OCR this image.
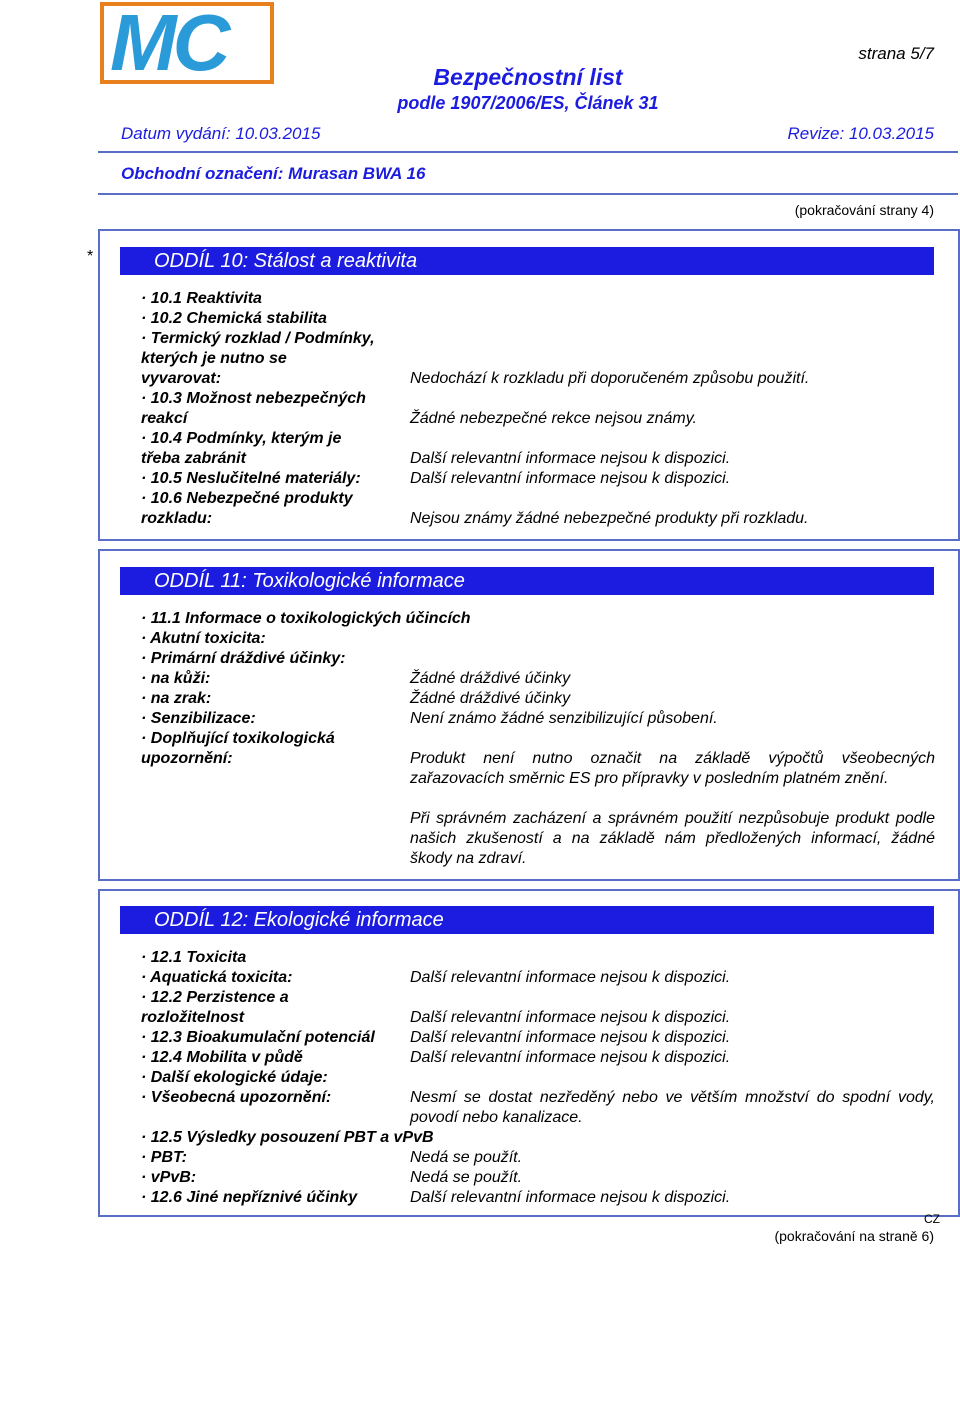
MC	strana 5/7
Bezpečnostní list
podle 1907/2006/ES, Článek 31
Datum vydání: 10.03.2015	Revize: 10.03.2015
Obchodní označení: Murasan BWA 16
(pokračování strany 4)
*	ODDÍL 10: Stálost a reaktivita
· 10.1 Reaktivita
· 10.2 Chemická stabilita
· Termický rozklad / Podmínky,
kterých je nutno se
vyvarovat:	Nedochází k rozkladu při doporučeném způsobu použití.
· 10.3 Možnost nebezpečných
reakcí	Žádné nebezpečné rekce nejsou známy.
· 10.4 Podmínky, kterým je
třeba zabránit	Další relevantní informace nejsou k dispozici.
· 10.5 Neslučitelné materiály:	Další relevantní informace nejsou k dispozici.
· 10.6 Nebezpečné produkty
rozkladu:	Nejsou známy žádné nebezpečné produkty při rozkladu.
ODDÍL 11: Toxikologické informace
· 11.1 Informace o toxikologických účincích
· Akutní toxicita:
· Primární dráždivé účinky:
· na kůži:	Žádné dráždivé účinky
· na zrak:	Žádné dráždivé účinky
· Senzibilizace:	Není známo žádné senzibilizující působení.
· Doplňující toxikologická
upozornění:	Produkt není nutno označit na základě výpočtů všeobecných zařazovacích směrnic ES pro přípravky v posledním platném znění.
Při správném zacházení a správném použití nezpůsobuje produkt podle našich zkušeností a na základě nám předložených informací, žádné škody na zdraví.
ODDÍL 12: Ekologické informace
· 12.1 Toxicita
· Aquatická toxicita:	Další relevantní informace nejsou k dispozici.
· 12.2 Perzistence a
rozložitelnost	Další relevantní informace nejsou k dispozici.
· 12.3 Bioakumulační potenciál	Další relevantní informace nejsou k dispozici.
· 12.4 Mobilita v půdě	Další relevantní informace nejsou k dispozici.
· Další ekologické údaje:
· Všeobecná upozornění:	Nesmí se dostat nezředěný nebo ve větším množství do spodní vody, povodí nebo kanalizace.
· 12.5 Výsledky posouzení PBT a vPvB
· PBT:	Nedá se použít.
· vPvB:	Nedá se použít.
· 12.6 Jiné nepříznivé účinky	Další relevantní informace nejsou k dispozici.
CZ
(pokračování na straně 6)
